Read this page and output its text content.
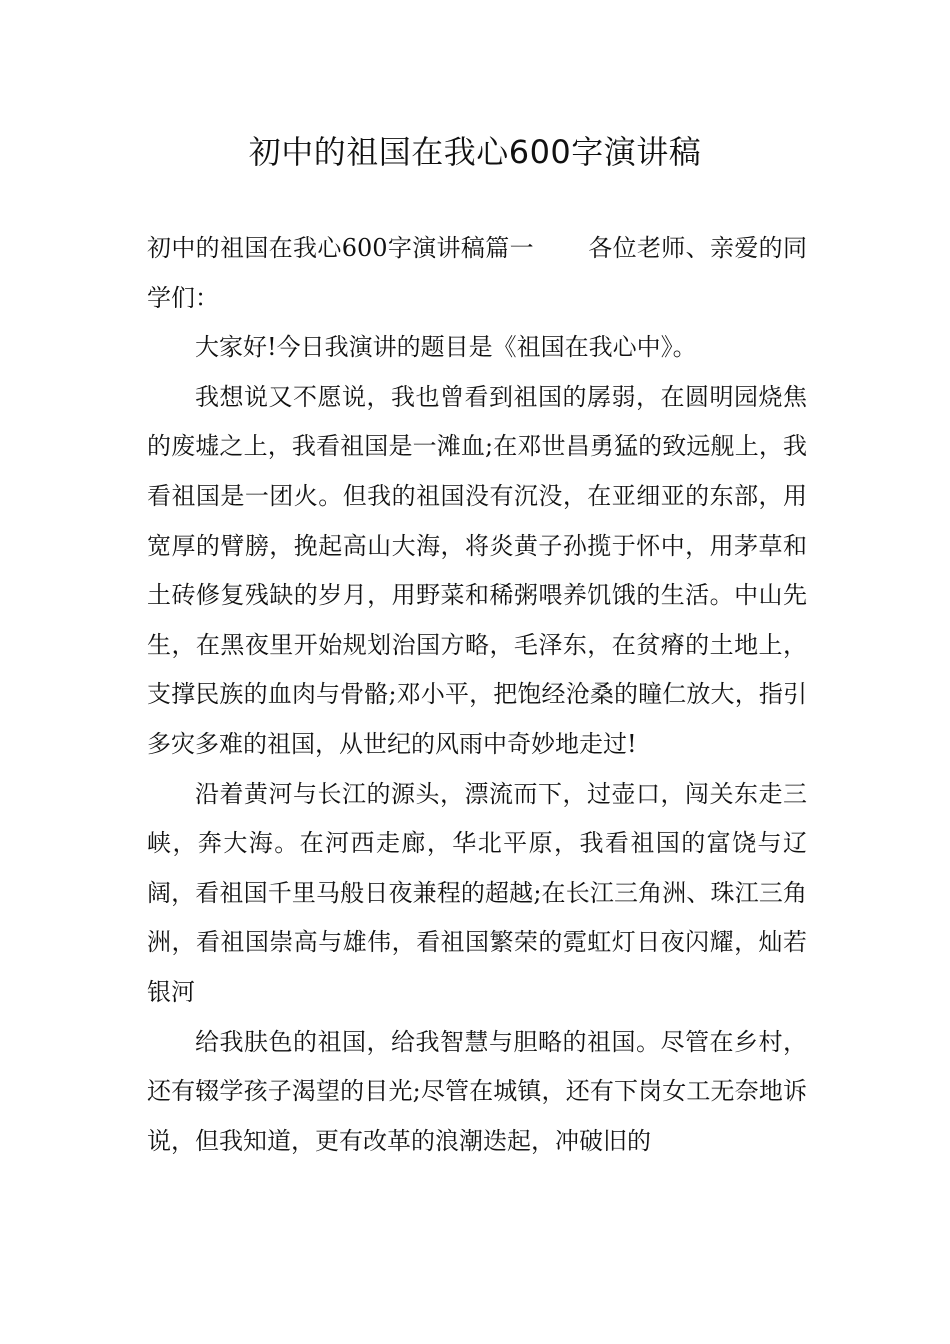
初中的祖国在我心600字演讲稿

初中的祖国在我心600字演讲稿篇一 各位老师、亲爱的同学们：

大家好!今日我演讲的题目是《祖国在我心中》。

我想说又不愿说，我也曾看到祖国的孱弱，在圆明园烧焦的废墟之上，我看祖国是一滩血;在邓世昌勇猛的致远舰上，我看祖国是一团火。但我的祖国没有沉没，在亚细亚的东部，用宽厚的臂膀，挽起高山大海，将炎黄子孙揽于怀中，用茅草和土砖修复残缺的岁月，用野菜和稀粥喂养饥饿的生活。中山先生，在黑夜里开始规划治国方略，毛泽东，在贫瘠的土地上，支撑民族的血肉与骨骼;邓小平，把饱经沧桑的瞳仁放大，指引多灾多难的祖国，从世纪的风雨中奇妙地走过!

沿着黄河与长江的源头，漂流而下，过壶口，闯关东走三峡，奔大海。在河西走廊，华北平原，我看祖国的富饶与辽阔，看祖国千里马般日夜兼程的超越;在长江三角洲、珠江三角洲，看祖国崇高与雄伟，看祖国繁荣的霓虹灯日夜闪耀，灿若银河

给我肤色的祖国，给我智慧与胆略的祖国。尽管在乡村，还有辍学孩子渴望的目光;尽管在城镇，还有下岗女工无奈地诉说，但我知道，更有改革的浪潮迭起，冲破旧的
